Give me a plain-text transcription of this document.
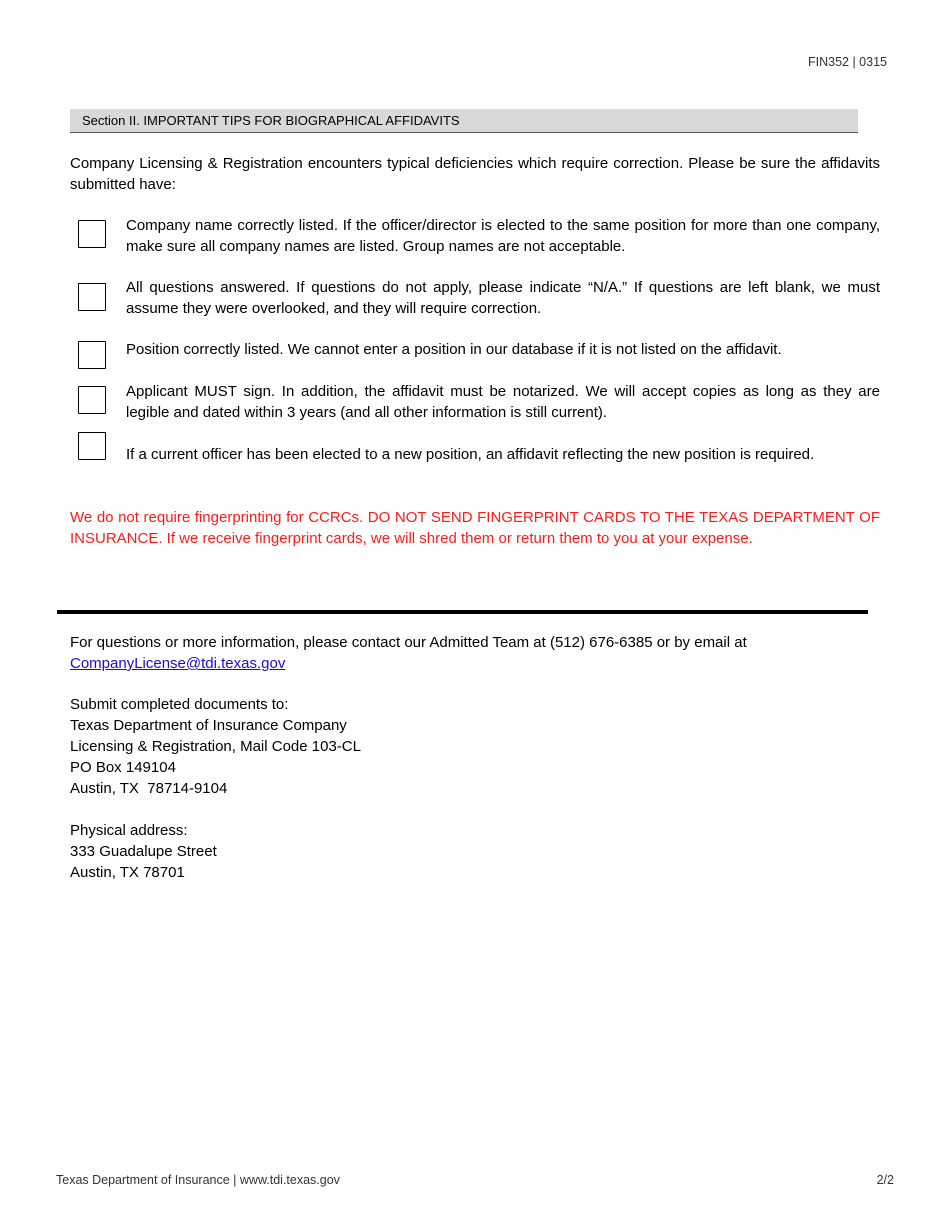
FIN352 | 0315
Section II. IMPORTANT TIPS FOR BIOGRAPHICAL AFFIDAVITS
Company Licensing & Registration encounters typical deficiencies which require correction. Please be sure the affidavits submitted have:
Company name correctly listed. If the officer/director is elected to the same position for more than one company, make sure all company names are listed. Group names are not acceptable.
All questions answered. If questions do not apply, please indicate “N/A.” If questions are left blank, we must assume they were overlooked, and they will require correction.
Position correctly listed. We cannot enter a position in our database if it is not listed on the affidavit.
Applicant MUST sign. In addition, the affidavit must be notarized. We will accept copies as long as they are legible and dated within 3 years (and all other information is still current).
If a current officer has been elected to a new position, an affidavit reflecting the new position is required.
We do not require fingerprinting for CCRCs. DO NOT SEND FINGERPRINT CARDS TO THE TEXAS DEPARTMENT OF INSURANCE. If we receive fingerprint cards, we will shred them or return them to you at your expense.
For questions or more information, please contact our Admitted Team at (512) 676-6385 or by email at
CompanyLicense@tdi.texas.gov
Submit completed documents to:
Texas Department of Insurance Company
Licensing & Registration, Mail Code 103-CL
PO Box 149104
Austin, TX  78714-9104
Physical address:
333 Guadalupe Street
Austin, TX 78701
Texas Department of Insurance | www.tdi.texas.gov	2/2
